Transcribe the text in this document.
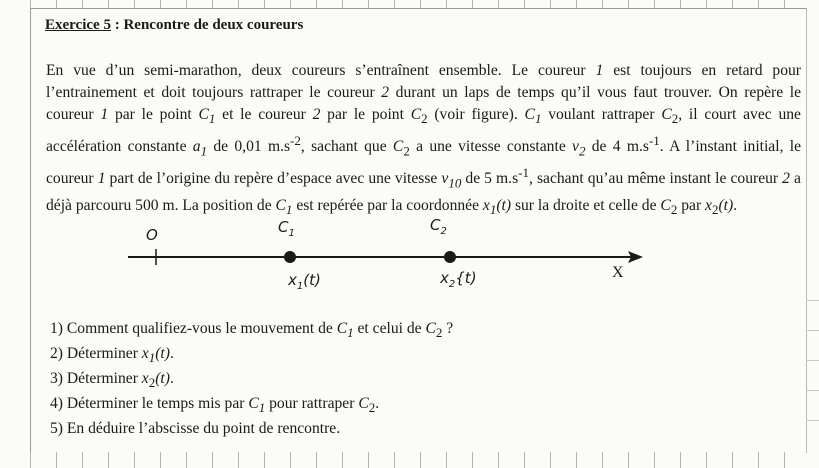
Exercice 5 : Rencontre de deux coureurs

En vue d’un semi-marathon, deux coureurs s’entraînent ensemble. Le coureur 1 est toujours en retard pour l’entrainement et doit toujours rattraper le coureur 2 durant un laps de temps qu’il vous faut trouver. On repère le coureur 1 par le point $C_1$ et le coureur 2 par le point $C_2$ (voir figure). $C_1$ voulant rattraper $C_2$, il court avec une accélération constante $a_1$ de 0,01 $m.s^{-2}$, sachant que $C_2$ a une vitesse constante $v_2$ de 4 $m.s^{-1}$. A l’instant initial, le coureur 1 part de l’origine du repère d’espace avec une vitesse $v_{10}$ de 5 $m.s^{-1}$, sachant qu’au même instant le coureur 2 a déjà parcouru 500 m. La position de $C_1$ est repérée par la coordonnée $x_1(t)$ sur la droite et celle de $C_2$ par $x_2(t)$.

O	$C_1$	$C_2$
$x_1(t)$	$x_2\{t)$	X
1) Comment qualifiez-vous le mouvement de $C_1$ et celui de $C_2$ ?
2) Déterminer $x_1(t)$.
3) Déterminer $x_2(t)$.
4) Déterminer le temps mis par $C_1$ pour rattraper $C_2$.
5) En déduire l’abscisse du point de rencontre.
